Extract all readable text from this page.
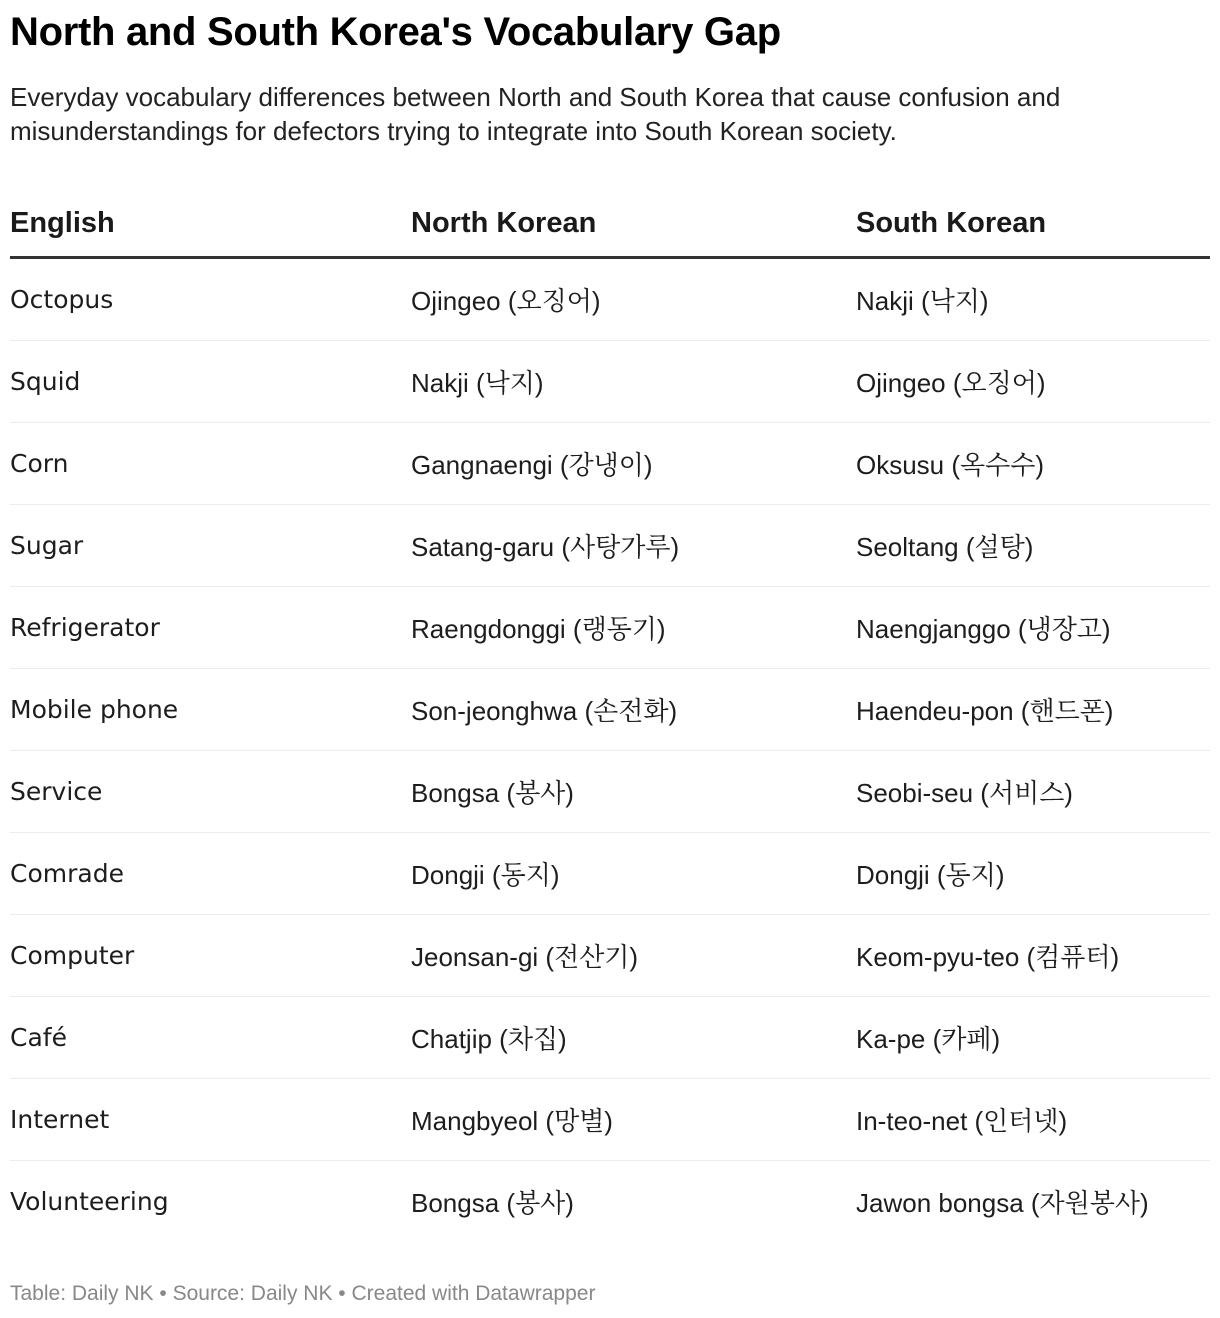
North and South Korea's Vocabulary Gap
Everyday vocabulary differences between North and South Korea that cause confusion and misunderstandings for defectors trying to integrate into South Korean society.
English	North Korean	South Korean
Octopus	Ojingeo (오징어)	Nakji (낙지)
Squid	Nakji (낙지)	Ojingeo (오징어)
Corn	Gangnaengi (강냉이)	Oksusu (옥수수)
Sugar	Satang-garu (사탕가루)	Seoltang (설탕)
Refrigerator	Raengdonggi (랭동기)	Naengjanggo (냉장고)
Mobile phone	Son-jeonghwa (손전화)	Haendeu-pon (핸드폰)
Service	Bongsa (봉사)	Seobi-seu (서비스)
Comrade	Dongji (동지)	Dongji (동지)
Computer	Jeonsan-gi (전산기)	Keom-pyu-teo (컴퓨터)
Café	Chatjip (차집)	Ka-pe (카페)
Internet	Mangbyeol (망별)	In-teo-net (인터넷)
Volunteering	Bongsa (봉사)	Jawon bongsa (자원봉사)
Table: Daily NK • Source: Daily NK • Created with Datawrapper
